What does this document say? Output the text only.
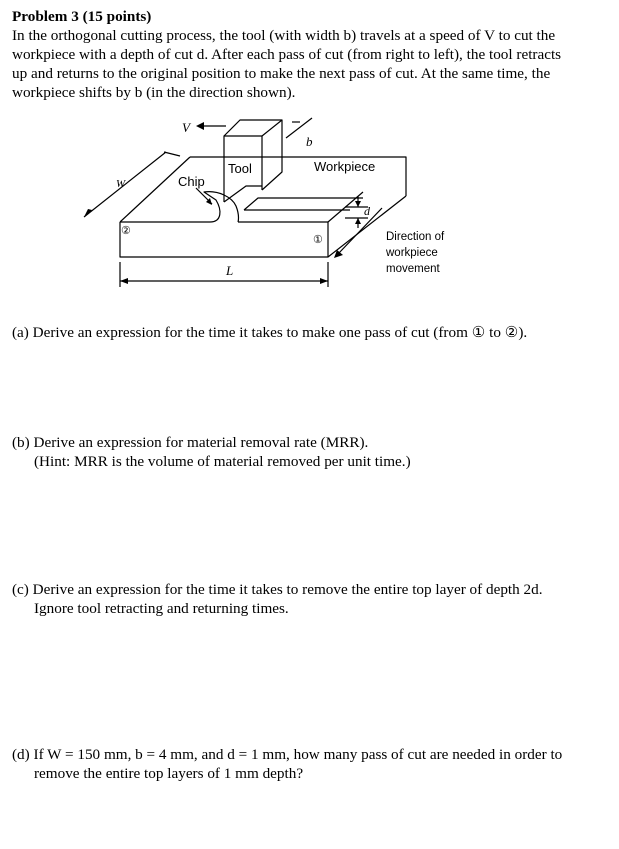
Problem 3 (15 points)
In the orthogonal cutting process, the tool (with width b) travels at a speed of V to cut the
workpiece with a depth of cut d. After each pass of cut (from right to left), the tool retracts
up and returns to the original position to make the next pass of cut. At the same time, the
workpiece shifts by b (in the direction shown).
Tool
Chip
Workpiece
V
b
W
d
L
①
②	Direction of
workpiece
movement
(a) Derive an expression for the time it takes to make one pass of cut (from ① to ②).
(b) Derive an expression for material removal rate (MRR).
(Hint: MRR is the volume of material removed per unit time.)
(c) Derive an expression for the time it takes to remove the entire top layer of depth 2d.
Ignore tool retracting and returning times.
(d) If W = 150 mm, b = 4 mm, and d = 1 mm, how many pass of cut are needed in order to
remove the entire top layers of 1 mm depth?
